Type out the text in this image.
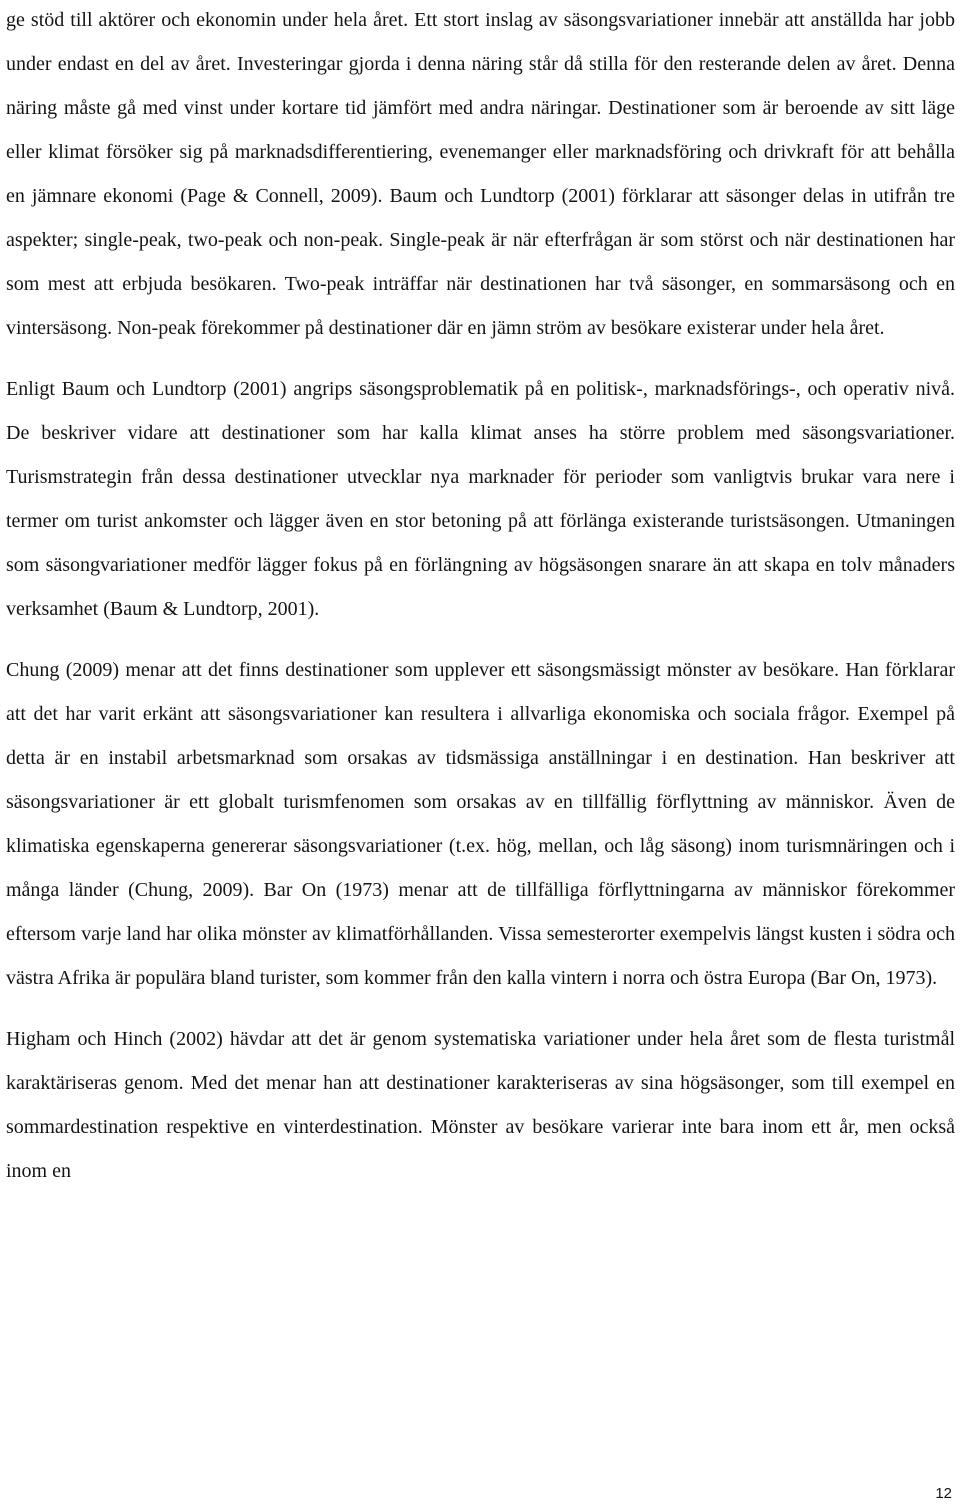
ge stöd till aktörer och ekonomin under hela året. Ett stort inslag av säsongsvariationer innebär att anställda har jobb under endast en del av året. Investeringar gjorda i denna näring står då stilla för den resterande delen av året. Denna näring måste gå med vinst under kortare tid jämfört med andra näringar. Destinationer som är beroende av sitt läge eller klimat försöker sig på marknadsdifferentiering, evenemanger eller marknadsföring och drivkraft för att behålla en jämnare ekonomi (Page & Connell, 2009). Baum och Lundtorp (2001) förklarar att säsonger delas in utifrån tre aspekter; single-peak, two-peak och non-peak. Single-peak är när efterfrågan är som störst och när destinationen har som mest att erbjuda besökaren. Two-peak inträffar när destinationen har två säsonger, en sommarsäsong och en vintersäsong. Non-peak förekommer på destinationer där en jämn ström av besökare existerar under hela året.

Enligt Baum och Lundtorp (2001) angrips säsongsproblematik på en politisk-, marknadsförings-, och operativ nivå. De beskriver vidare att destinationer som har kalla klimat anses ha större problem med säsongsvariationer. Turismstrategin från dessa destinationer utvecklar nya marknader för perioder som vanligtvis brukar vara nere i termer om turist ankomster och lägger även en stor betoning på att förlänga existerande turistsäsongen. Utmaningen som säsongvariationer medför lägger fokus på en förlängning av högsäsongen snarare än att skapa en tolv månaders verksamhet (Baum & Lundtorp, 2001).

Chung (2009) menar att det finns destinationer som upplever ett säsongsmässigt mönster av besökare. Han förklarar att det har varit erkänt att säsongsvariationer kan resultera i allvarliga ekonomiska och sociala frågor. Exempel på detta är en instabil arbetsmarknad som orsakas av tidsmässiga anställningar i en destination. Han beskriver att säsongsvariationer är ett globalt turismfenomen som orsakas av en tillfällig förflyttning av människor. Även de klimatiska egenskaperna genererar säsongsvariationer (t.ex. hög, mellan, och låg säsong) inom turismnäringen och i många länder (Chung, 2009). Bar On (1973) menar att de tillfälliga förflyttningarna av människor förekommer eftersom varje land har olika mönster av klimatförhållanden. Vissa semesterorter exempelvis längst kusten i södra och västra Afrika är populära bland turister, som kommer från den kalla vintern i norra och östra Europa (Bar On, 1973).

Higham och Hinch (2002) hävdar att det är genom systematiska variationer under hela året som de flesta turistmål karaktäriseras genom. Med det menar han att destinationer karakteriseras av sina högsäsonger, som till exempel en sommardestination respektive en vinterdestination. Mönster av besökare varierar inte bara inom ett år, men också inom en

12
